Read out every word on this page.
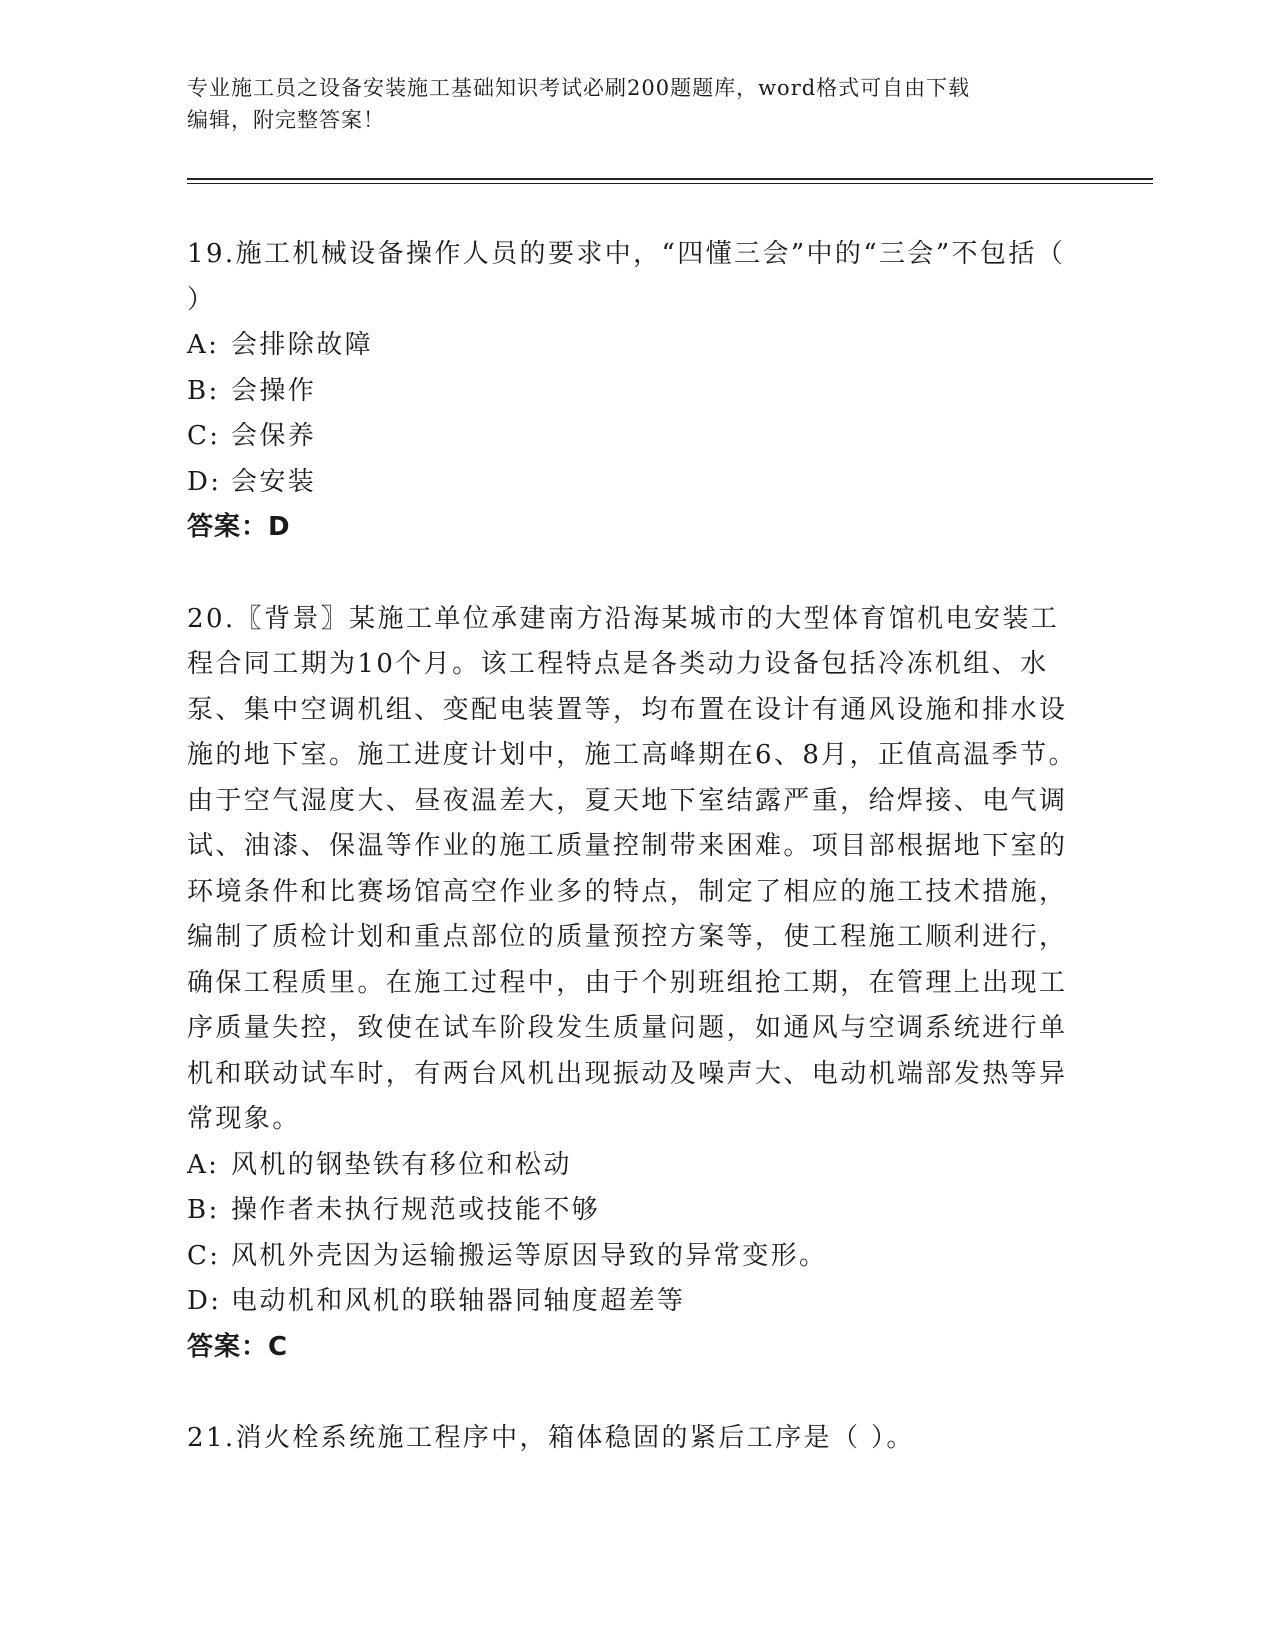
专业施工员之设备安装施工基础知识考试必刷200题题库，word格式可自由下载
编辑，附完整答案！

19.施工机械设备操作人员的要求中，“四懂三会”中的“三会”不包括（ ）

A: 会排除故障

B: 会操作

C: 会保养

D: 会安装

答案：D

20.〖背景〗某施工单位承建南方沿海某城市的大型体育馆机电安装工程合同工期为10个月。该工程特点是各类动力设备包括冷冻机组、水泵、集中空调机组、变配电装置等，均布置在设计有通风设施和排水设施的地下室。施工进度计划中，施工高峰期在6、8月，正值高温季节。由于空气湿度大、昼夜温差大，夏天地下室结露严重，给焊接、电气调试、油漆、保温等作业的施工质量控制带来困难。项目部根据地下室的环境条件和比赛场馆高空作业多的特点，制定了相应的施工技术措施，编制了质检计划和重点部位的质量预控方案等，使工程施工顺利进行，确保工程质里。在施工过程中，由于个别班组抢工期，在管理上出现工序质量失控，致使在试车阶段发生质量问题，如通风与空调系统进行单机和联动试车时，有两台风机出现振动及噪声大、电动机端部发热等异常现象。

A: 风机的钢垫铁有移位和松动

B: 操作者未执行规范或技能不够

C: 风机外壳因为运输搬运等原因导致的异常变形。

D: 电动机和风机的联轴器同轴度超差等

答案：C

21.消火栓系统施工程序中，箱体稳固的紧后工序是（ ）。
